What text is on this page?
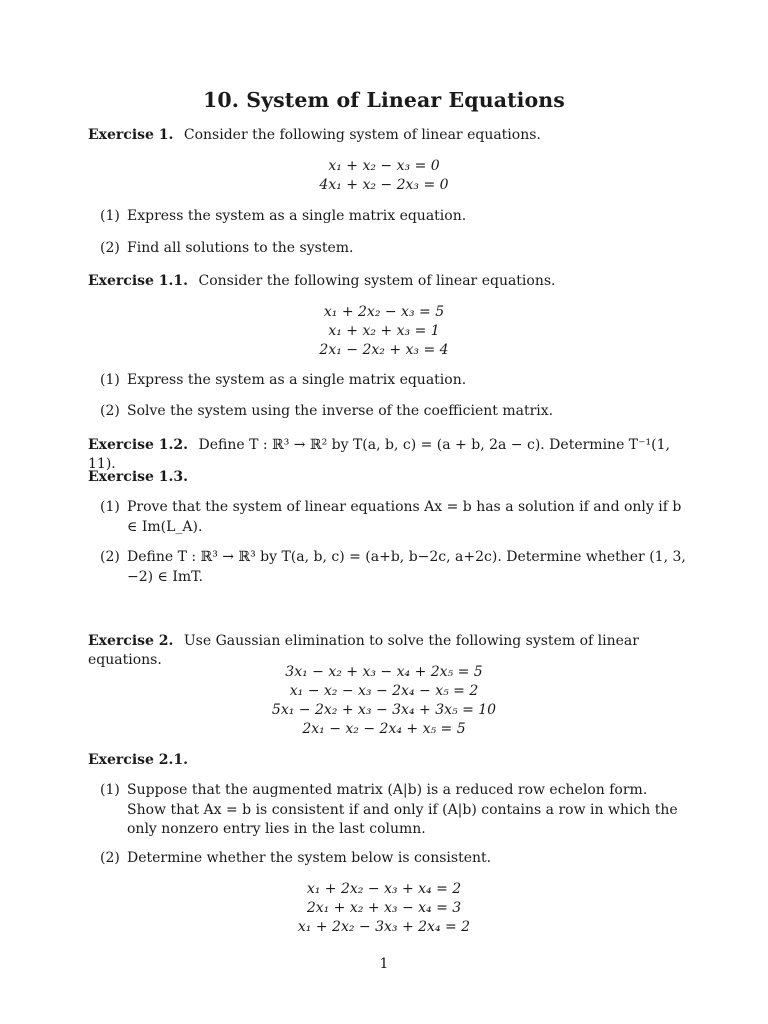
10. System of Linear Equations
Exercise 1. Consider the following system of linear equations.
x₁ + x₂ − x₃ = 0
4x₁ + x₂ − 2x₃ = 0
(1) Express the system as a single matrix equation.
(2) Find all solutions to the system.
Exercise 1.1. Consider the following system of linear equations.
x₁ + 2x₂ − x₃ = 5
x₁ + x₂ + x₃ = 1
2x₁ − 2x₂ + x₃ = 4
(1) Express the system as a single matrix equation.
(2) Solve the system using the inverse of the coefficient matrix.
Exercise 1.2. Define T : ℝ³ → ℝ² by T(a, b, c) = (a + b, 2a − c). Determine T⁻¹(1, 11).
Exercise 1.3.
(1) Prove that the system of linear equations Ax = b has a solution if and only if b ∈ Im(L_A).
(2) Define T : ℝ³ → ℝ³ by T(a, b, c) = (a+b, b−2c, a+2c). Determine whether (1, 3, −2) ∈ ImT.
Exercise 2. Use Gaussian elimination to solve the following system of linear equations.
3x₁ − x₂ + x₃ − x₄ + 2x₅ = 5
x₁ − x₂ − x₃ − 2x₄ − x₅ = 2
5x₁ − 2x₂ + x₃ − 3x₄ + 3x₅ = 10
2x₁ − x₂ − 2x₄ + x₅ = 5
Exercise 2.1.
(1) Suppose that the augmented matrix (A|b) is a reduced row echelon form. Show that Ax = b is consistent if and only if (A|b) contains a row in which the only nonzero entry lies in the last column.
(2) Determine whether the system below is consistent.
x₁ + 2x₂ − x₃ + x₄ = 2
2x₁ + x₂ + x₃ − x₄ = 3
x₁ + 2x₂ − 3x₃ + 2x₄ = 2
1
